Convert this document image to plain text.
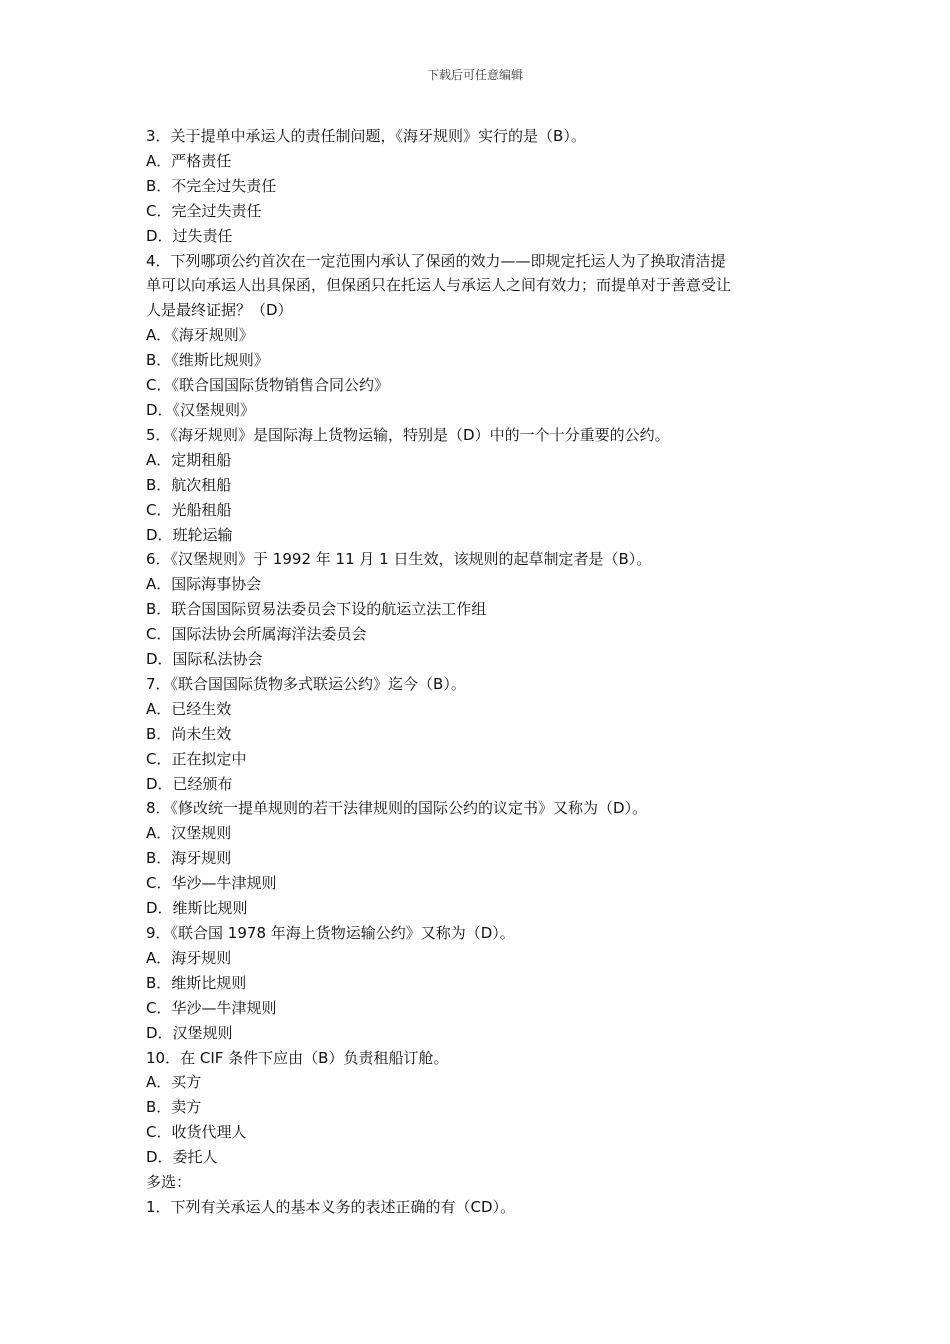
下载后可任意编辑
3．关于提单中承运人的责任制问题，《海牙规则》实行的是（B）。
A．严格责任
B．不完全过失责任
C．完全过失责任
D．过失责任
4．下列哪项公约首次在一定范围内承认了保函的效力——即规定托运人为了换取清洁提
单可以向承运人出具保函，但保函只在托运人与承运人之间有效力；而提单对于善意受让
人是最终证据？（D）
A．《海牙规则》
B．《维斯比规则》
C．《联合国国际货物销售合同公约》
D．《汉堡规则》
5．《海牙规则》是国际海上货物运输，特别是（D）中的一个十分重要的公约。
A．定期租船
B．航次租船
C．光船租船
D．班轮运输
6．《汉堡规则》于 1992 年 11 月 1 日生效，该规则的起草制定者是（B）。
A．国际海事协会
B．联合国国际贸易法委员会下设的航运立法工作组
C．国际法协会所属海洋法委员会
D．国际私法协会
7．《联合国国际货物多式联运公约》迄今（B）。
A．已经生效
B．尚未生效
C．正在拟定中
D．已经颁布
8．《修改统一提单规则的若干法律规则的国际公约的议定书》又称为（D）。
A．汉堡规则
B．海牙规则
C．华沙—牛津规则
D．维斯比规则
9．《联合国 1978 年海上货物运输公约》又称为（D）。
A．海牙规则
B．维斯比规则
C．华沙—牛津规则
D．汉堡规则
10．在 CIF 条件下应由（B）负责租船订舱。
A．买方
B．卖方
C．收货代理人
D．委托人
多选：
1．下列有关承运人的基本义务的表述正确的有（CD）。
